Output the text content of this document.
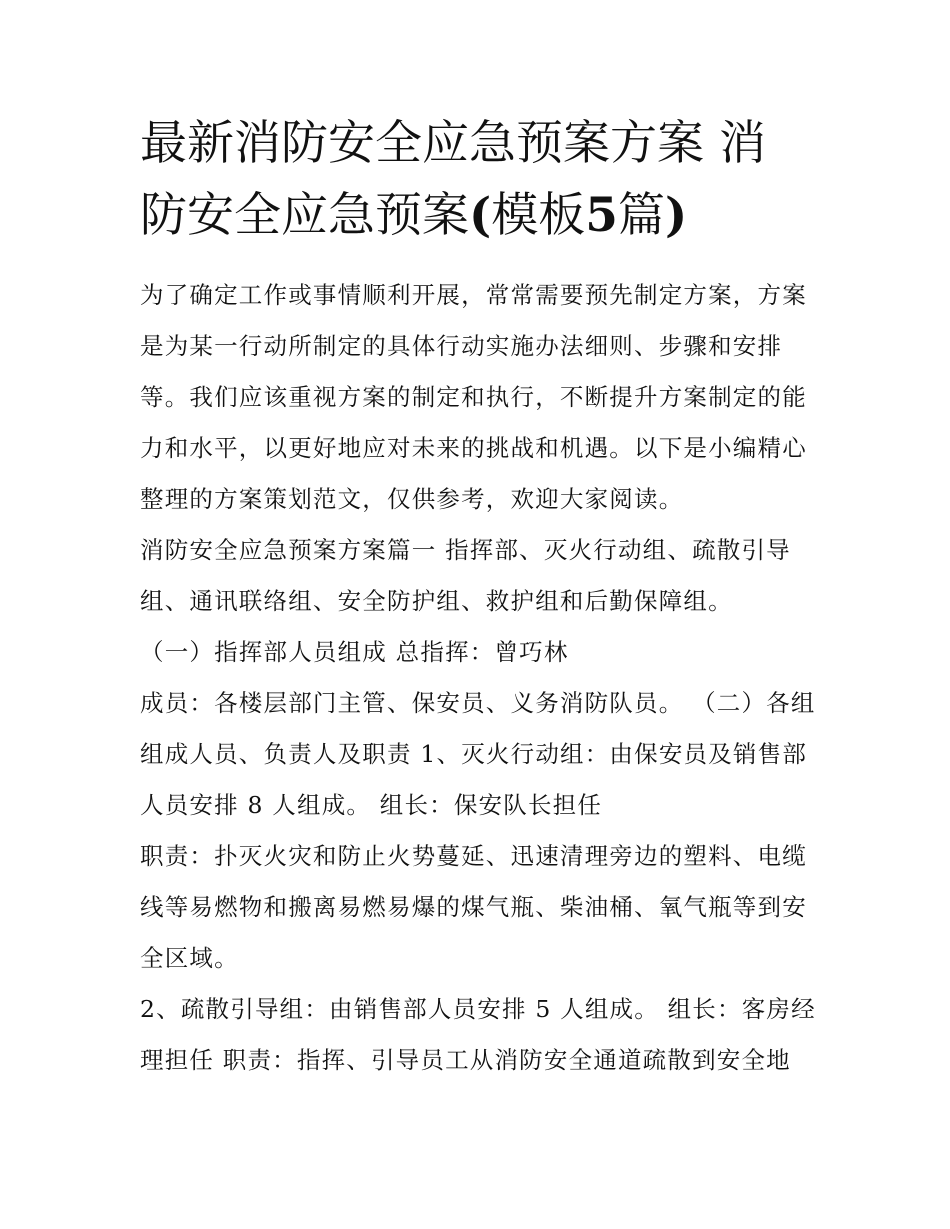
最新消防安全应急预案方案 消
防安全应急预案(模板5篇)

为了确定工作或事情顺利开展，常常需要预先制定方案，方案是为某一行动所制定的具体行动实施办法细则、步骤和安排等。我们应该重视方案的制定和执行，不断提升方案制定的能力和水平，以更好地应对未来的挑战和机遇。以下是小编精心整理的方案策划范文，仅供参考，欢迎大家阅读。

消防安全应急预案方案篇一 指挥部、灭火行动组、疏散引导组、通讯联络组、安全防护组、救护组和后勤保障组。

（一）指挥部人员组成 总指挥：曾巧林

成员：各楼层部门主管、保安员、义务消防队员。 （二）各组组成人员、负责人及职责 1、灭火行动组：由保安员及销售部人员安排 8 人组成。 组长：保安队长担任

职责：扑灭火灾和防止火势蔓延、迅速清理旁边的塑料、电缆线等易燃物和搬离易燃易爆的煤气瓶、柴油桶、氧气瓶等到安全区域。

2、疏散引导组：由销售部人员安排 5 人组成。 组长：客房经理担任 职责：指挥、引导员工从消防安全通道疏散到安全地
